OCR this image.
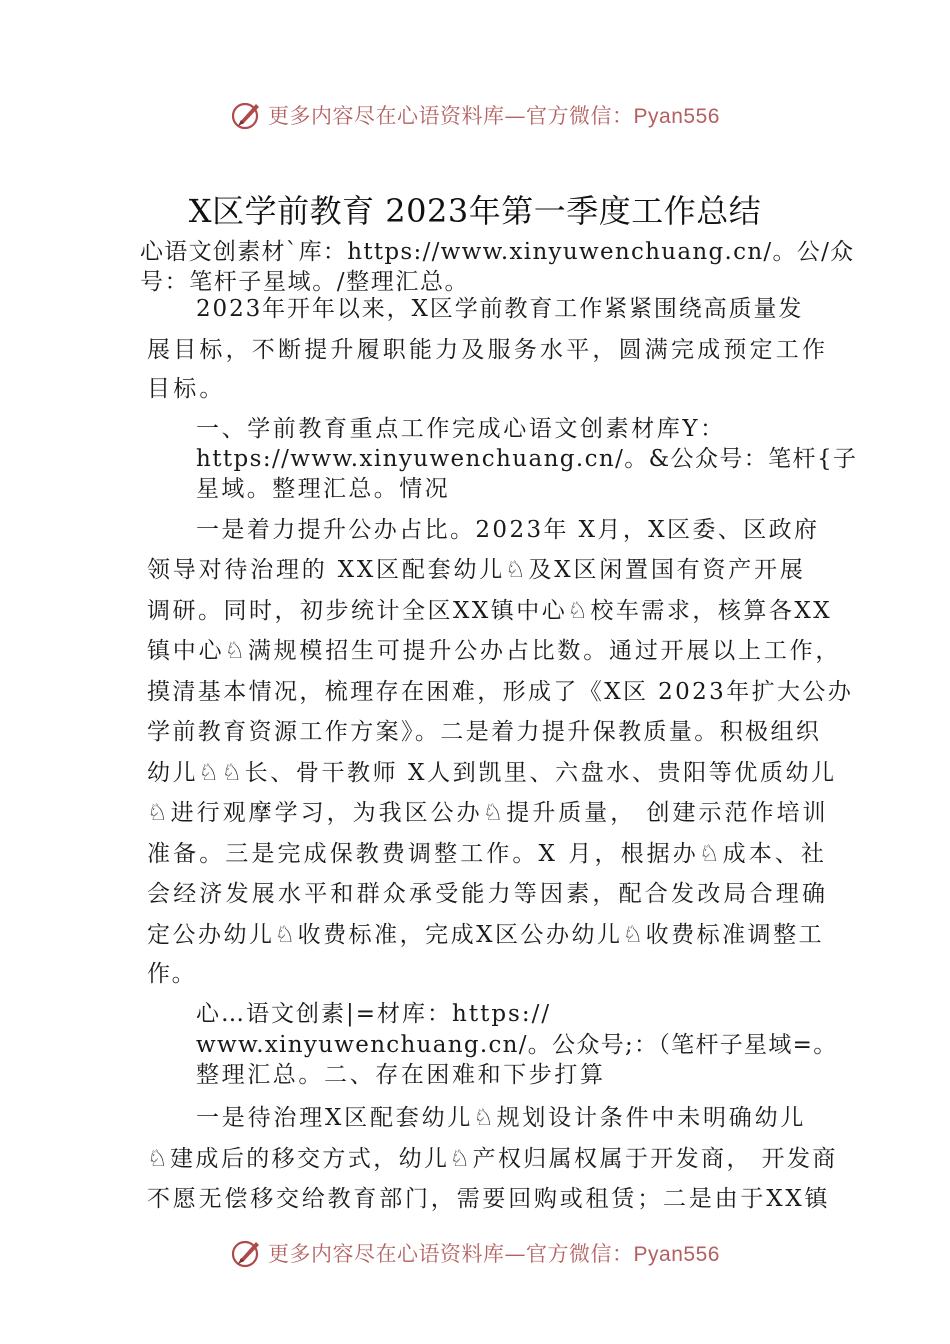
更多内容尽在心语资料库—官方微信：Pyan556
X区学前教育 2023年第一季度工作总结
心语文创素材`库：https://www.xinyuwenchuang.cn/。公/众
号：笔杆子星域。/整理汇总。
2023年开年以来，X区学前教育工作紧紧围绕高质量发
展目标，不断提升履职能力及服务水平，圆满完成预定工作
目标。
一、学前教育重点工作完成心语文创素材库Y：
https://www.xinyuwenchuang.cn/。&公众号：笔杆{子
星域。整理汇总。情况
一是着力提升公办占比。2023年 X月，X区委、区政府
领导对待治理的 XX区配套幼儿♘及X区闲置国有资产开展
调研。同时，初步统计全区XX镇中心♘校车需求，核算各XX
镇中心♘满规模招生可提升公办占比数。通过开展以上工作，
摸清基本情况，梳理存在困难，形成了《X区 2023年扩大公办
学前教育资源工作方案》。二是着力提升保教质量。积极组织
幼儿♘♘长、骨干教师 X人到凯里、六盘水、贵阳等优质幼儿
♘进行观摩学习，为我区公办♘提升质量， 创建示范作培训
准备。三是完成保教费调整工作。X 月，根据办♘成本、社
会经济发展水平和群众承受能力等因素，配合发改局合理确
定公办幼儿♘收费标准，完成X区公办幼儿♘收费标准调整工
作。
心…语文创素|=材库：https://
www.xinyuwenchuang.cn/。公众号;：（笔杆子星域=。
整理汇总。二、存在困难和下步打算
一是待治理X区配套幼儿♘规划设计条件中未明确幼儿
♘建成后的移交方式，幼儿♘产权归属权属于开发商， 开发商
不愿无偿移交给教育部门，需要回购或租赁；二是由于XX镇
更多内容尽在心语资料库—官方微信：Pyan556
